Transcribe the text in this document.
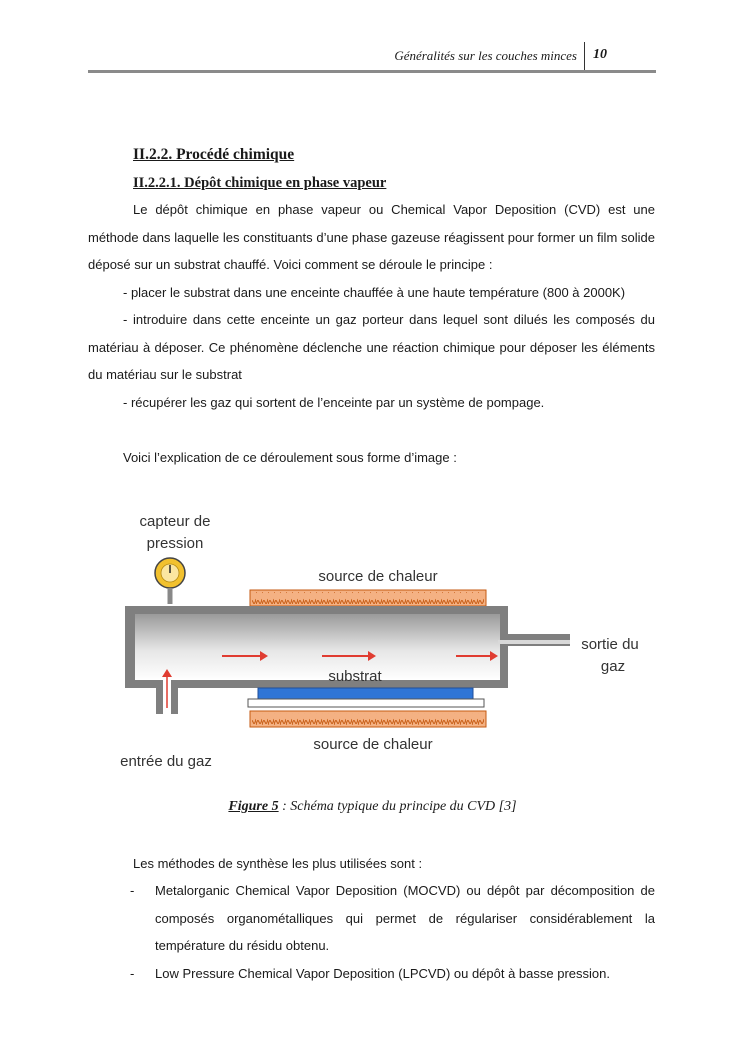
Généralités sur les couches minces 10
II.2.2. Procédé chimique
II.2.2.1. Dépôt chimique en phase vapeur
Le dépôt chimique en phase vapeur ou Chemical Vapor Deposition (CVD) est une méthode dans laquelle les constituants d’une phase gazeuse réagissent pour former un film solide déposé sur un substrat chauffé. Voici comment se déroule le principe :
- placer le substrat dans une enceinte chauffée à une haute température (800 à 2000K)
- introduire dans cette enceinte un gaz porteur dans lequel sont dilués les composés du matériau à déposer. Ce phénomène déclenche une réaction chimique pour déposer les éléments du matériau sur le substrat
- récupérer les gaz qui sortent de l’enceinte par un système de pompage.
Voici l’explication de ce déroulement sous forme d’image :
capteur de
pression
source de chaleur
substrat
source de chaleur
sortie du
gaz
entrée du gaz
Figure 5 : Schéma typique du principe du CVD [3]
Les méthodes de synthèse les plus utilisées sont :
- Metalorganic Chemical Vapor Deposition (MOCVD) ou dépôt par décomposition de composés organométalliques qui permet de régulariser considérablement la température du résidu obtenu.
- Low Pressure Chemical Vapor Deposition (LPCVD) ou dépôt à basse pression.
